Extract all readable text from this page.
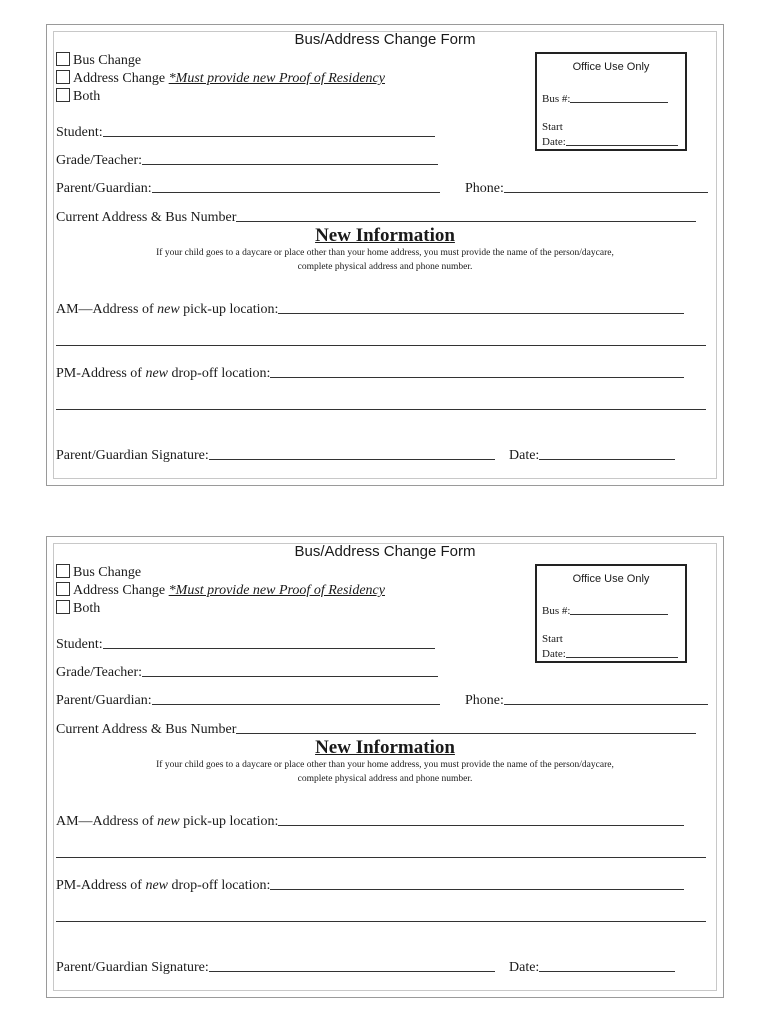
Bus/Address Change Form
Bus Change
Address Change *Must provide new Proof of Residency
Both
Office Use Only
Bus #:
Start
Date:
Student:
Grade/Teacher:
Parent/Guardian:	Phone:
Current Address & Bus Number
New Information
If your child goes to a daycare or place other than your home address, you must provide the name of the person/daycare,
complete physical address and phone number.
AM—Address of new pick-up location:
PM-Address of new drop-off location:
Parent/Guardian Signature:	Date:
Bus/Address Change Form
Bus Change
Address Change *Must provide new Proof of Residency
Both
Office Use Only
Bus #:
Start
Date:
Student:
Grade/Teacher:
Parent/Guardian:	Phone:
Current Address & Bus Number
New Information
If your child goes to a daycare or place other than your home address, you must provide the name of the person/daycare,
complete physical address and phone number.
AM—Address of new pick-up location:
PM-Address of new drop-off location:
Parent/Guardian Signature:	Date:
